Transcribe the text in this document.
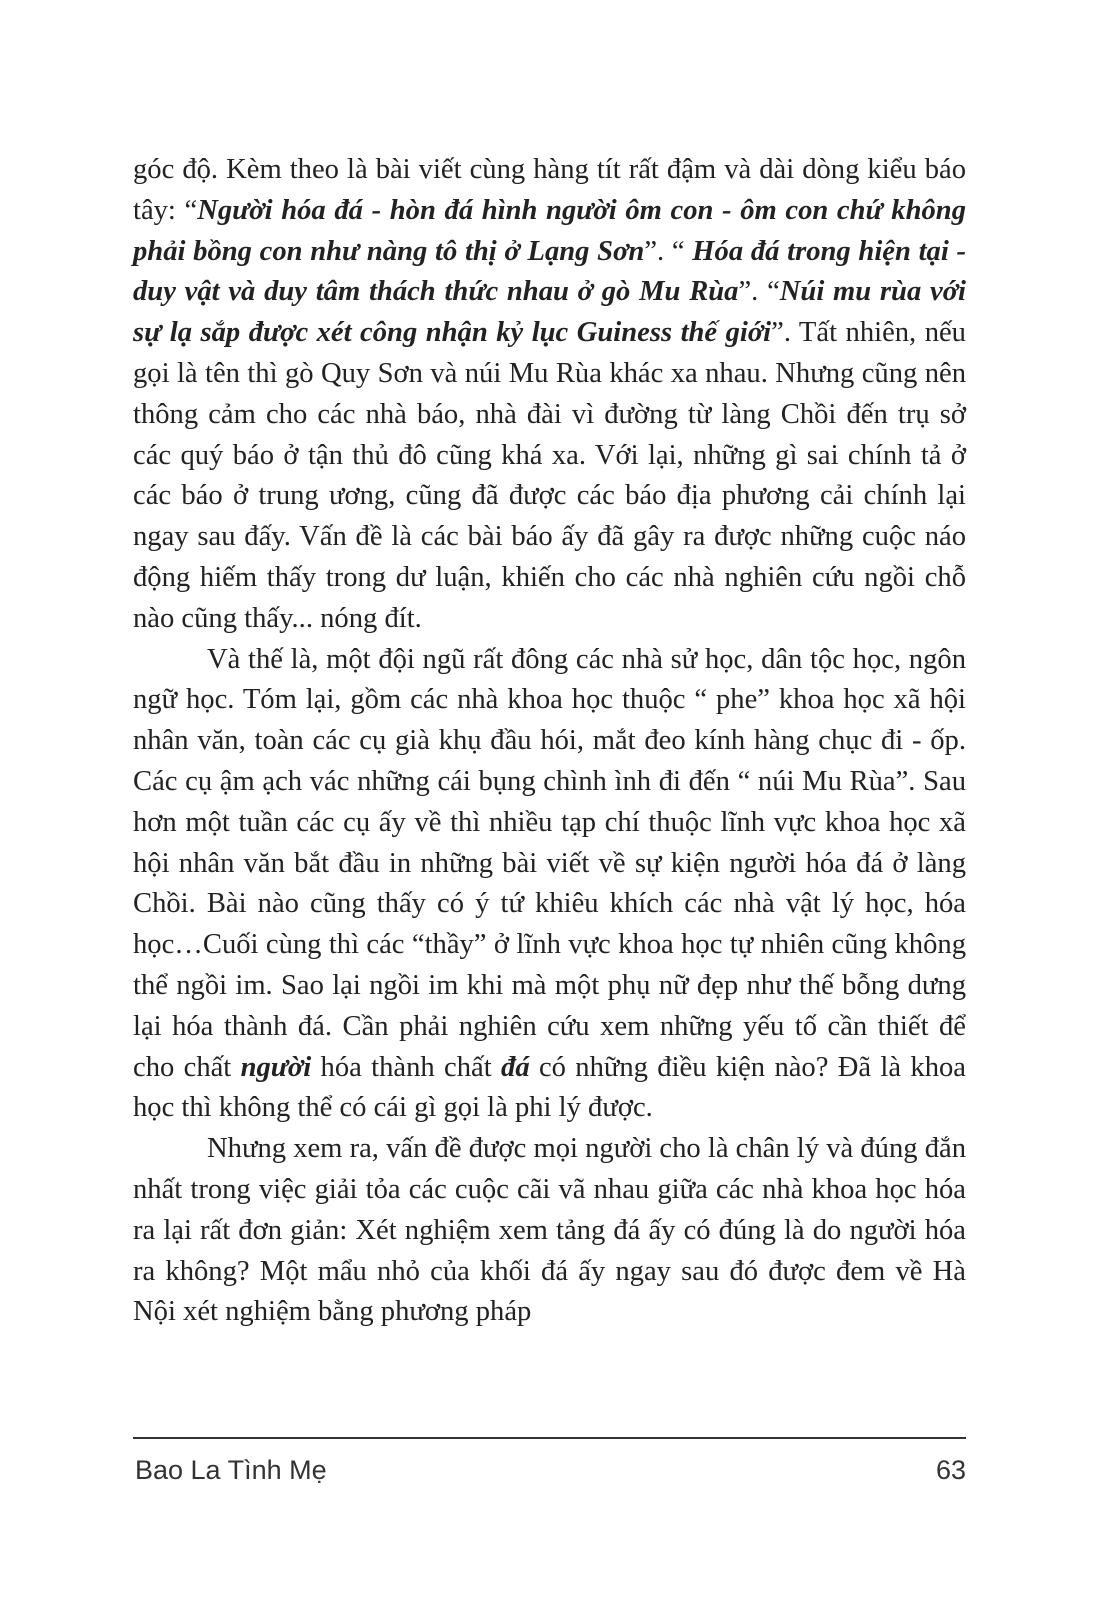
góc độ. Kèm theo là bài viết cùng hàng tít rất đậm và dài dòng kiểu báo tây: “Người hóa đá - hòn đá hình người ôm con - ôm con chứ không phải bồng con như nàng tô thị ở Lạng Sơn”. “ Hóa đá trong hiện tại - duy vật và duy tâm thách thức nhau ở gò Mu Rùa”. “Núi mu rùa với sự lạ sắp được xét công nhận kỷ lục Guiness thế giới”. Tất nhiên, nếu gọi là tên thì gò Quy Sơn và núi Mu Rùa khác xa nhau. Nhưng cũng nên thông cảm cho các nhà báo, nhà đài vì đường từ làng Chồi đến trụ sở các quý báo ở tận thủ đô cũng khá xa. Với lại, những gì sai chính tả ở các báo ở trung ương, cũng đã được các báo địa phương cải chính lại ngay sau đấy. Vấn đề là các bài báo ấy đã gây ra được những cuộc náo động hiếm thấy trong dư luận, khiến cho các nhà nghiên cứu ngồi chỗ nào cũng thấy... nóng đít.

Và thế là, một đội ngũ rất đông các nhà sử học, dân tộc học, ngôn ngữ học. Tóm lại, gồm các nhà khoa học thuộc “ phe” khoa học xã hội nhân văn, toàn các cụ già khụ đầu hói, mắt đeo kính hàng chục đi - ốp. Các cụ ậm ạch vác những cái bụng chình ình đi đến “ núi Mu Rùa”. Sau hơn một tuần các cụ ấy về thì nhiều tạp chí thuộc lĩnh vực khoa học xã hội nhân văn bắt đầu in những bài viết về sự kiện người hóa đá ở làng Chồi. Bài nào cũng thấy có ý tứ khiêu khích các nhà vật lý học, hóa học…Cuối cùng thì các “thầy” ở lĩnh vực khoa học tự nhiên cũng không thể ngồi im. Sao lại ngồi im khi mà một phụ nữ đẹp như thế bỗng dưng lại hóa thành đá. Cần phải nghiên cứu xem những yếu tố cần thiết để cho chất người hóa thành chất đá có những điều kiện nào? Đã là khoa học thì không thể có cái gì gọi là phi lý được.

Nhưng xem ra, vấn đề được mọi người cho là chân lý và đúng đắn nhất trong việc giải tỏa các cuộc cãi vã nhau giữa các nhà khoa học hóa ra lại rất đơn giản: Xét nghiệm xem tảng đá ấy có đúng là do người hóa ra không? Một mẩu nhỏ của khối đá ấy ngay sau đó được đem về Hà Nội xét nghiệm bằng phương pháp

Bao La Tình Mẹ	63
